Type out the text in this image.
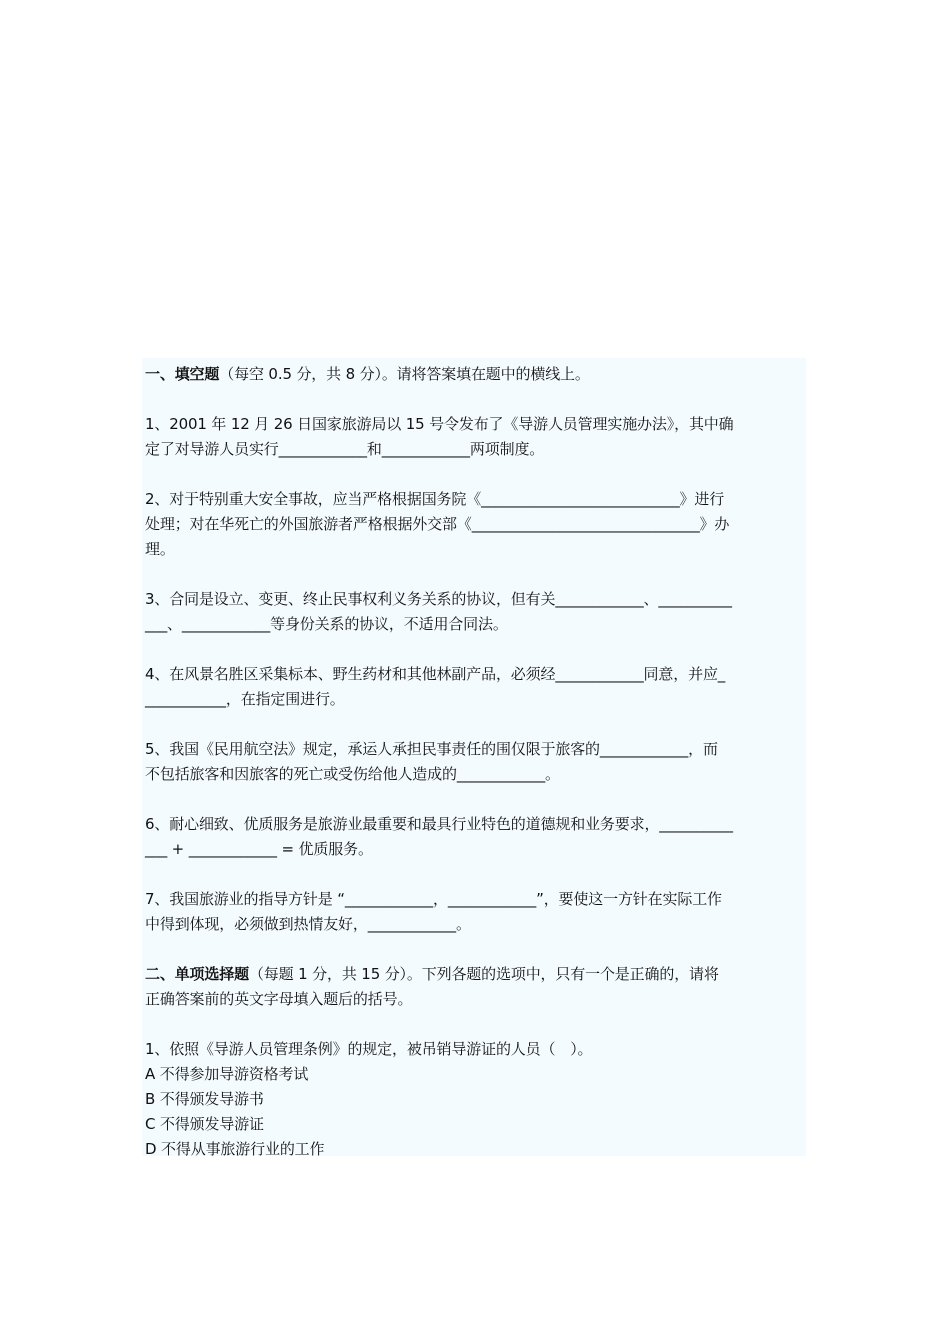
一、填空题（每空 0.5 分，共 8 分）。请将答案填在题中的横线上。
1、2001 年 12 月 26 日国家旅游局以 15 号令发布了《导游人员管理实施办法》，其中确
定了对导游人员实行____________和____________两项制度。
2、对于特别重大安全事故，应当严格根据国务院《___________________________》进行
处理；对在华死亡的外国旅游者严格根据外交部《_______________________________》办
理。
3、合同是设立、变更、终止民事权利义务关系的协议，但有关____________、__________
___、____________等身份关系的协议，不适用合同法。
4、在风景名胜区采集标本、野生药材和其他林副产品，必须经____________同意，并应_
___________，在指定围进行。
5、我国《民用航空法》规定，承运人承担民事责任的围仅限于旅客的____________，而
不包括旅客和因旅客的死亡或受伤给他人造成的____________。
6、耐心细致、优质服务是旅游业最重要和最具行业特色的道德规和业务要求，__________
___ + ____________ = 优质服务。
7、我国旅游业的指导方针是 “____________，____________”，要使这一方针在实际工作
中得到体现，必须做到热情友好，____________。
二、单项选择题（每题 1 分，共 15 分）。下列各题的选项中，只有一个是正确的，请将
正确答案前的英文字母填入题后的括号。
1、依照《导游人员管理条例》的规定，被吊销导游证的人员（　）。
A 不得参加导游资格考试
B 不得颁发导游书
C 不得颁发导游证
D 不得从事旅游行业的工作
